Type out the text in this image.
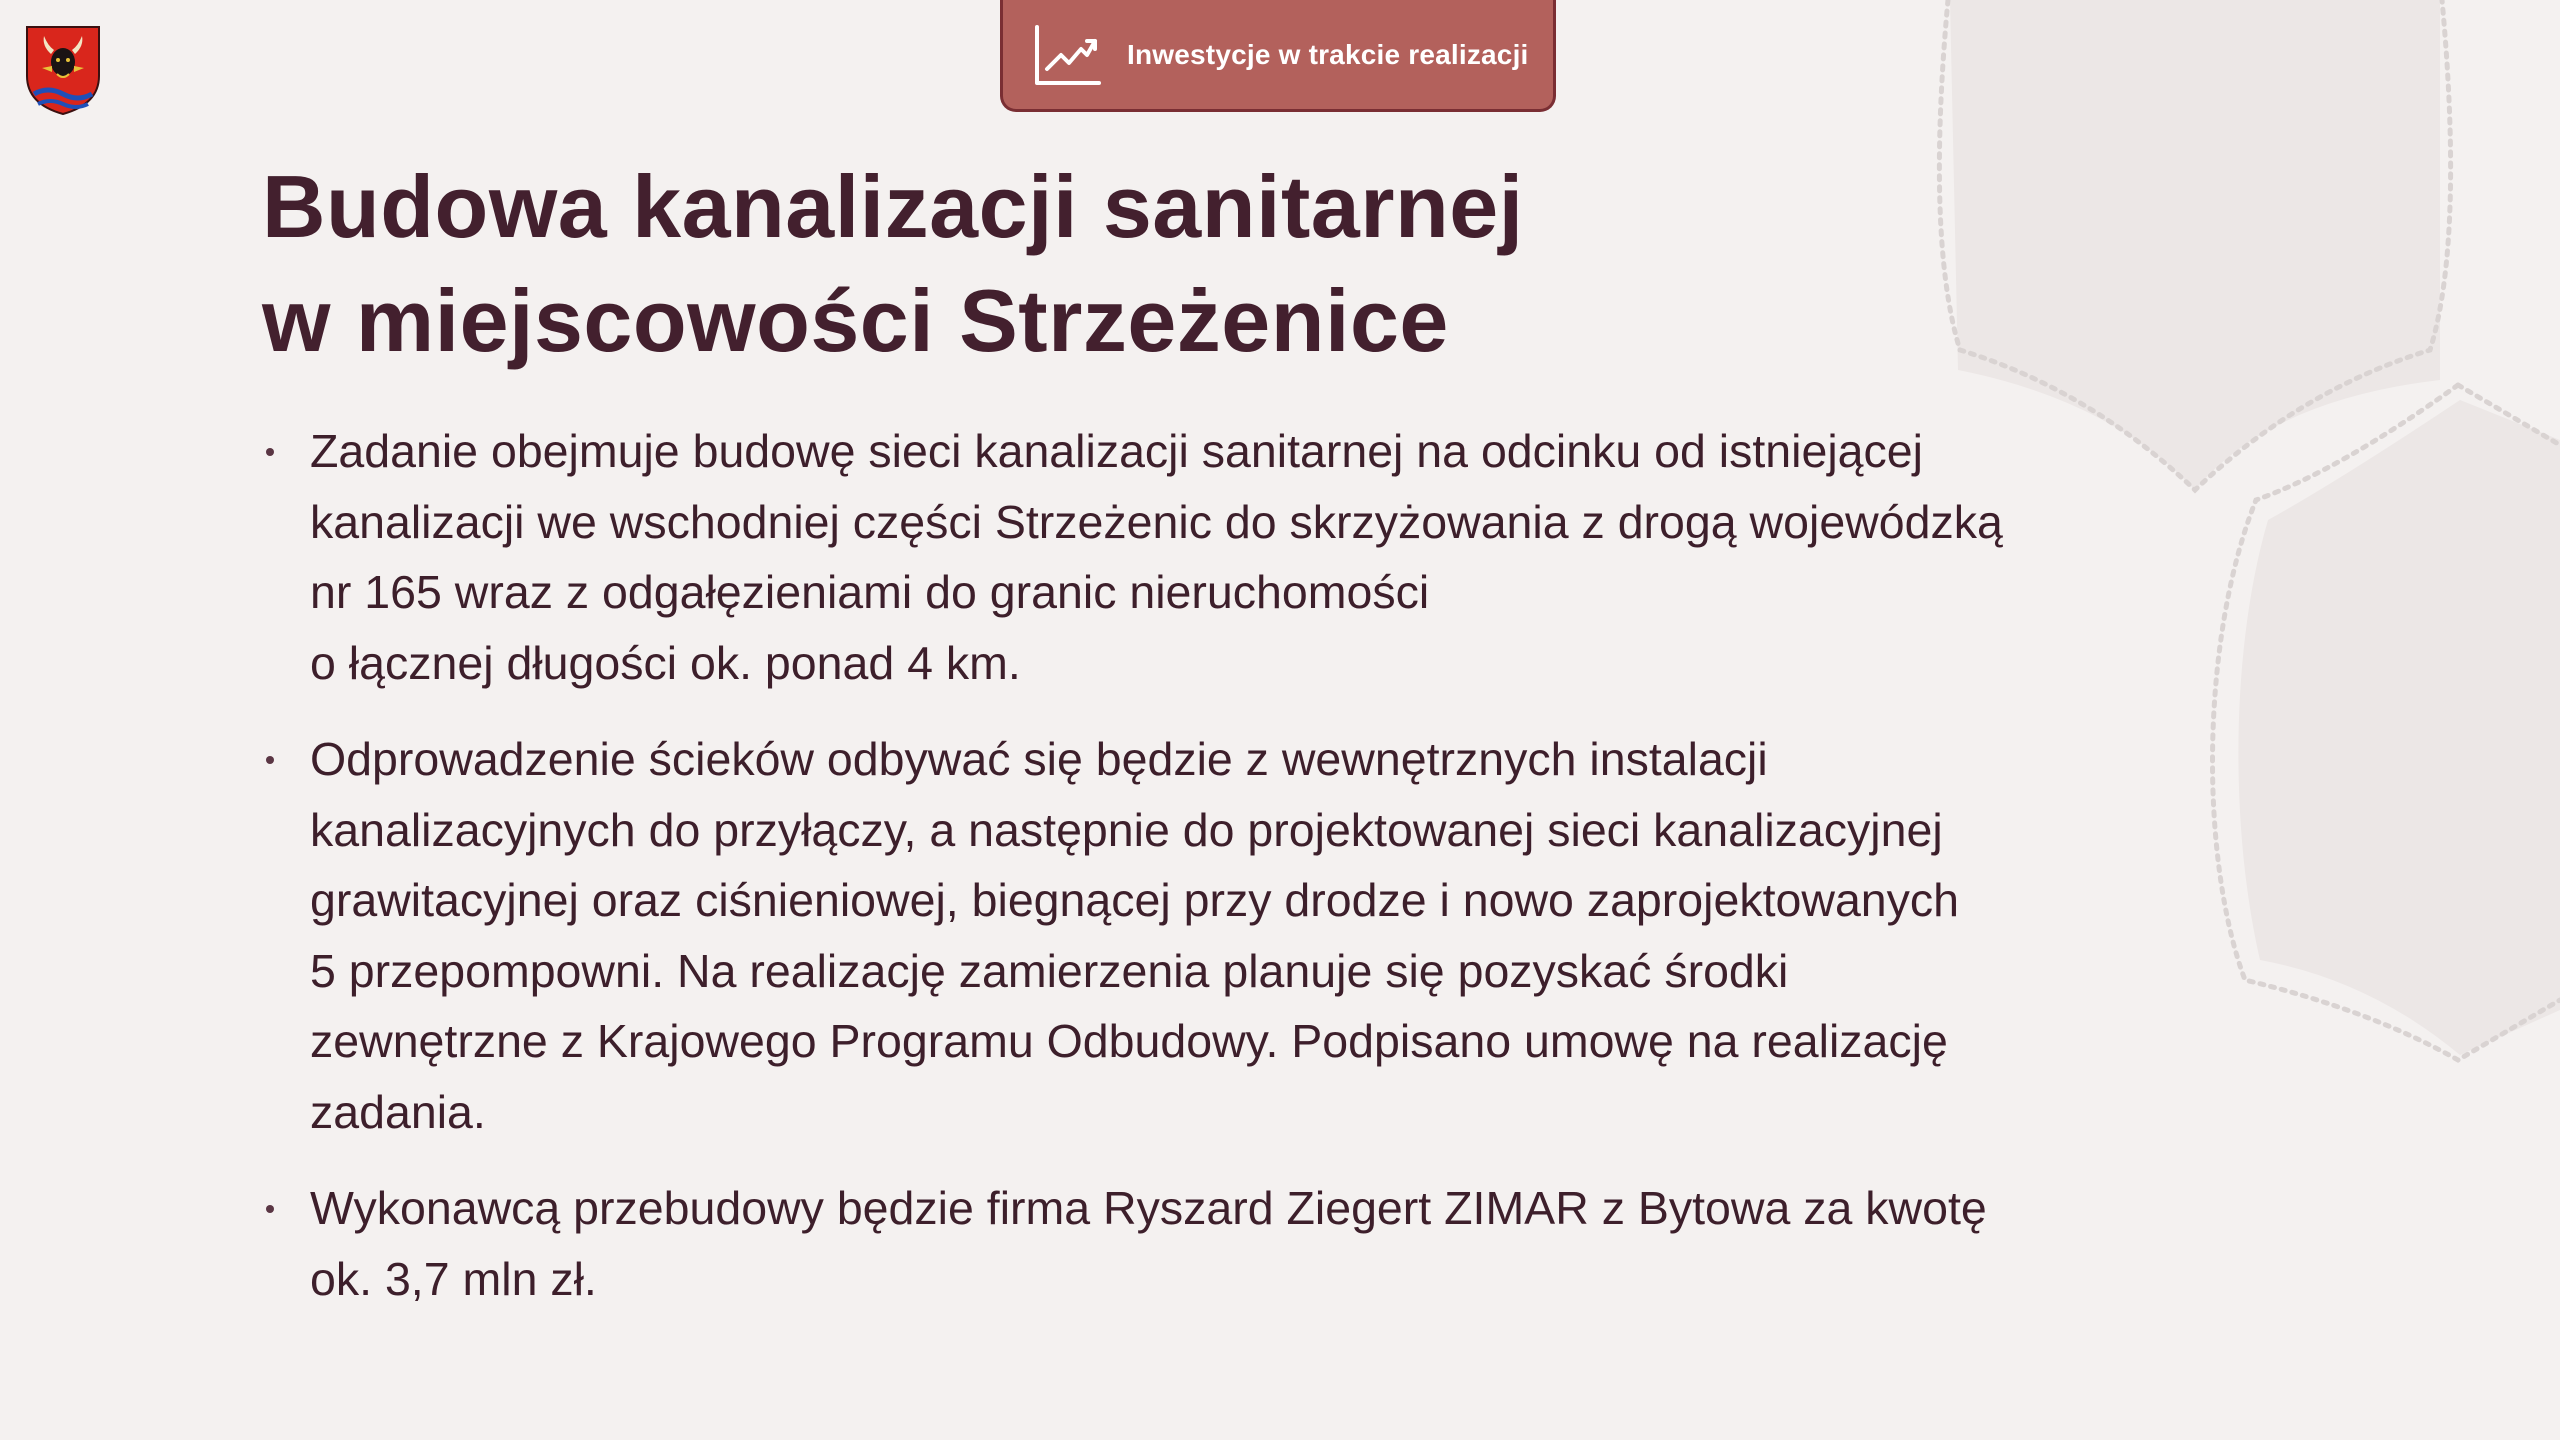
Inwestycje w trakcie realizacji
Budowa kanalizacji sanitarnej
w miejscowości Strzeżenice
Zadanie obejmuje budowę sieci kanalizacji sanitarnej na odcinku od istniejącej
kanalizacji we wschodniej części Strzeżenic do skrzyżowania z drogą wojewódzką
nr 165 wraz z odgałęzieniami do granic nieruchomości
o łącznej długości ok. ponad 4 km.
Odprowadzenie ścieków odbywać się będzie z wewnętrznych instalacji
kanalizacyjnych do przyłączy, a następnie do projektowanej sieci kanalizacyjnej
grawitacyjnej oraz ciśnieniowej, biegnącej przy drodze i nowo zaprojektowanych
5 przepompowni. Na realizację zamierzenia planuje się pozyskać środki
zewnętrzne z Krajowego Programu Odbudowy. Podpisano umowę na realizację
zadania.
Wykonawcą przebudowy będzie firma Ryszard Ziegert ZIMAR z Bytowa za kwotę
ok. 3,7 mln zł.
